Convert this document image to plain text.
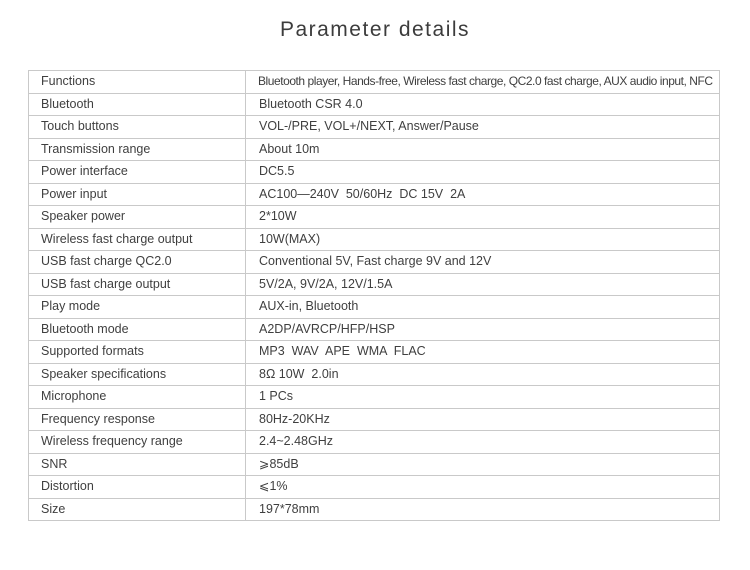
Parameter details
Functions	Bluetooth player, Hands-free, Wireless fast charge, QC2.0 fast charge, AUX audio input, NFC
Bluetooth	Bluetooth CSR 4.0
Touch buttons	VOL-/PRE, VOL+/NEXT, Answer/Pause
Transmission range	About 10m
Power interface	DC5.5
Power input	AC100—240V  50/60Hz  DC 15V  2A
Speaker power	2*10W
Wireless fast charge output	10W(MAX)
USB fast charge QC2.0	Conventional 5V, Fast charge 9V and 12V
USB fast charge output	5V/2A, 9V/2A, 12V/1.5A
Play mode	AUX-in, Bluetooth
Bluetooth mode	A2DP/AVRCP/HFP/HSP
Supported formats	MP3  WAV  APE  WMA  FLAC
Speaker specifications	8Ω 10W  2.0in
Microphone	1 PCs
Frequency response	80Hz-20KHz
Wireless frequency range	2.4~2.48GHz
SNR	⩾85dB
Distortion	⩽1%
Size	197*78mm
